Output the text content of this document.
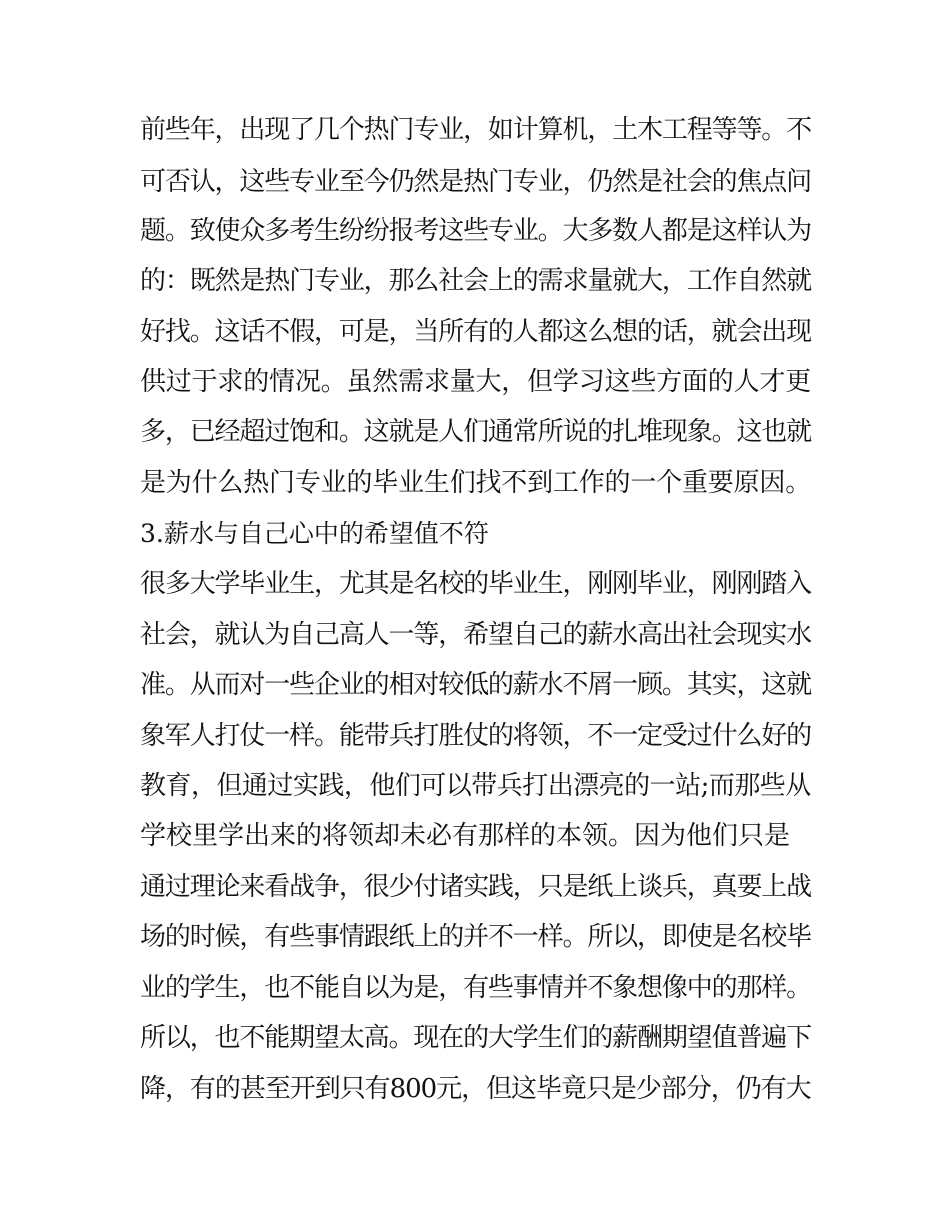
前些年，出现了几个热门专业，如计算机，土木工程等等。不
可否认，这些专业至今仍然是热门专业，仍然是社会的焦点问
题。致使众多考生纷纷报考这些专业。大多数人都是这样认为
的：既然是热门专业，那么社会上的需求量就大，工作自然就
好找。这话不假，可是，当所有的人都这么想的话，就会出现
供过于求的情况。虽然需求量大，但学习这些方面的人才更
多，已经超过饱和。这就是人们通常所说的扎堆现象。这也就
是为什么热门专业的毕业生们找不到工作的一个重要原因。
3.薪水与自己心中的希望值不符
很多大学毕业生，尤其是名校的毕业生，刚刚毕业，刚刚踏入
社会，就认为自己高人一等，希望自己的薪水高出社会现实水
准。从而对一些企业的相对较低的薪水不屑一顾。其实，这就
象军人打仗一样。能带兵打胜仗的将领，不一定受过什么好的
教育，但通过实践，他们可以带兵打出漂亮的一站;而那些从
学校里学出来的将领却未必有那样的本领。因为他们只是
通过理论来看战争，很少付诸实践，只是纸上谈兵，真要上战
场的时候，有些事情跟纸上的并不一样。所以，即使是名校毕
业的学生，也不能自以为是，有些事情并不象想像中的那样。
所以，也不能期望太高。现在的大学生们的薪酬期望值普遍下
降，有的甚至开到只有800元，但这毕竟只是少部分，仍有大
